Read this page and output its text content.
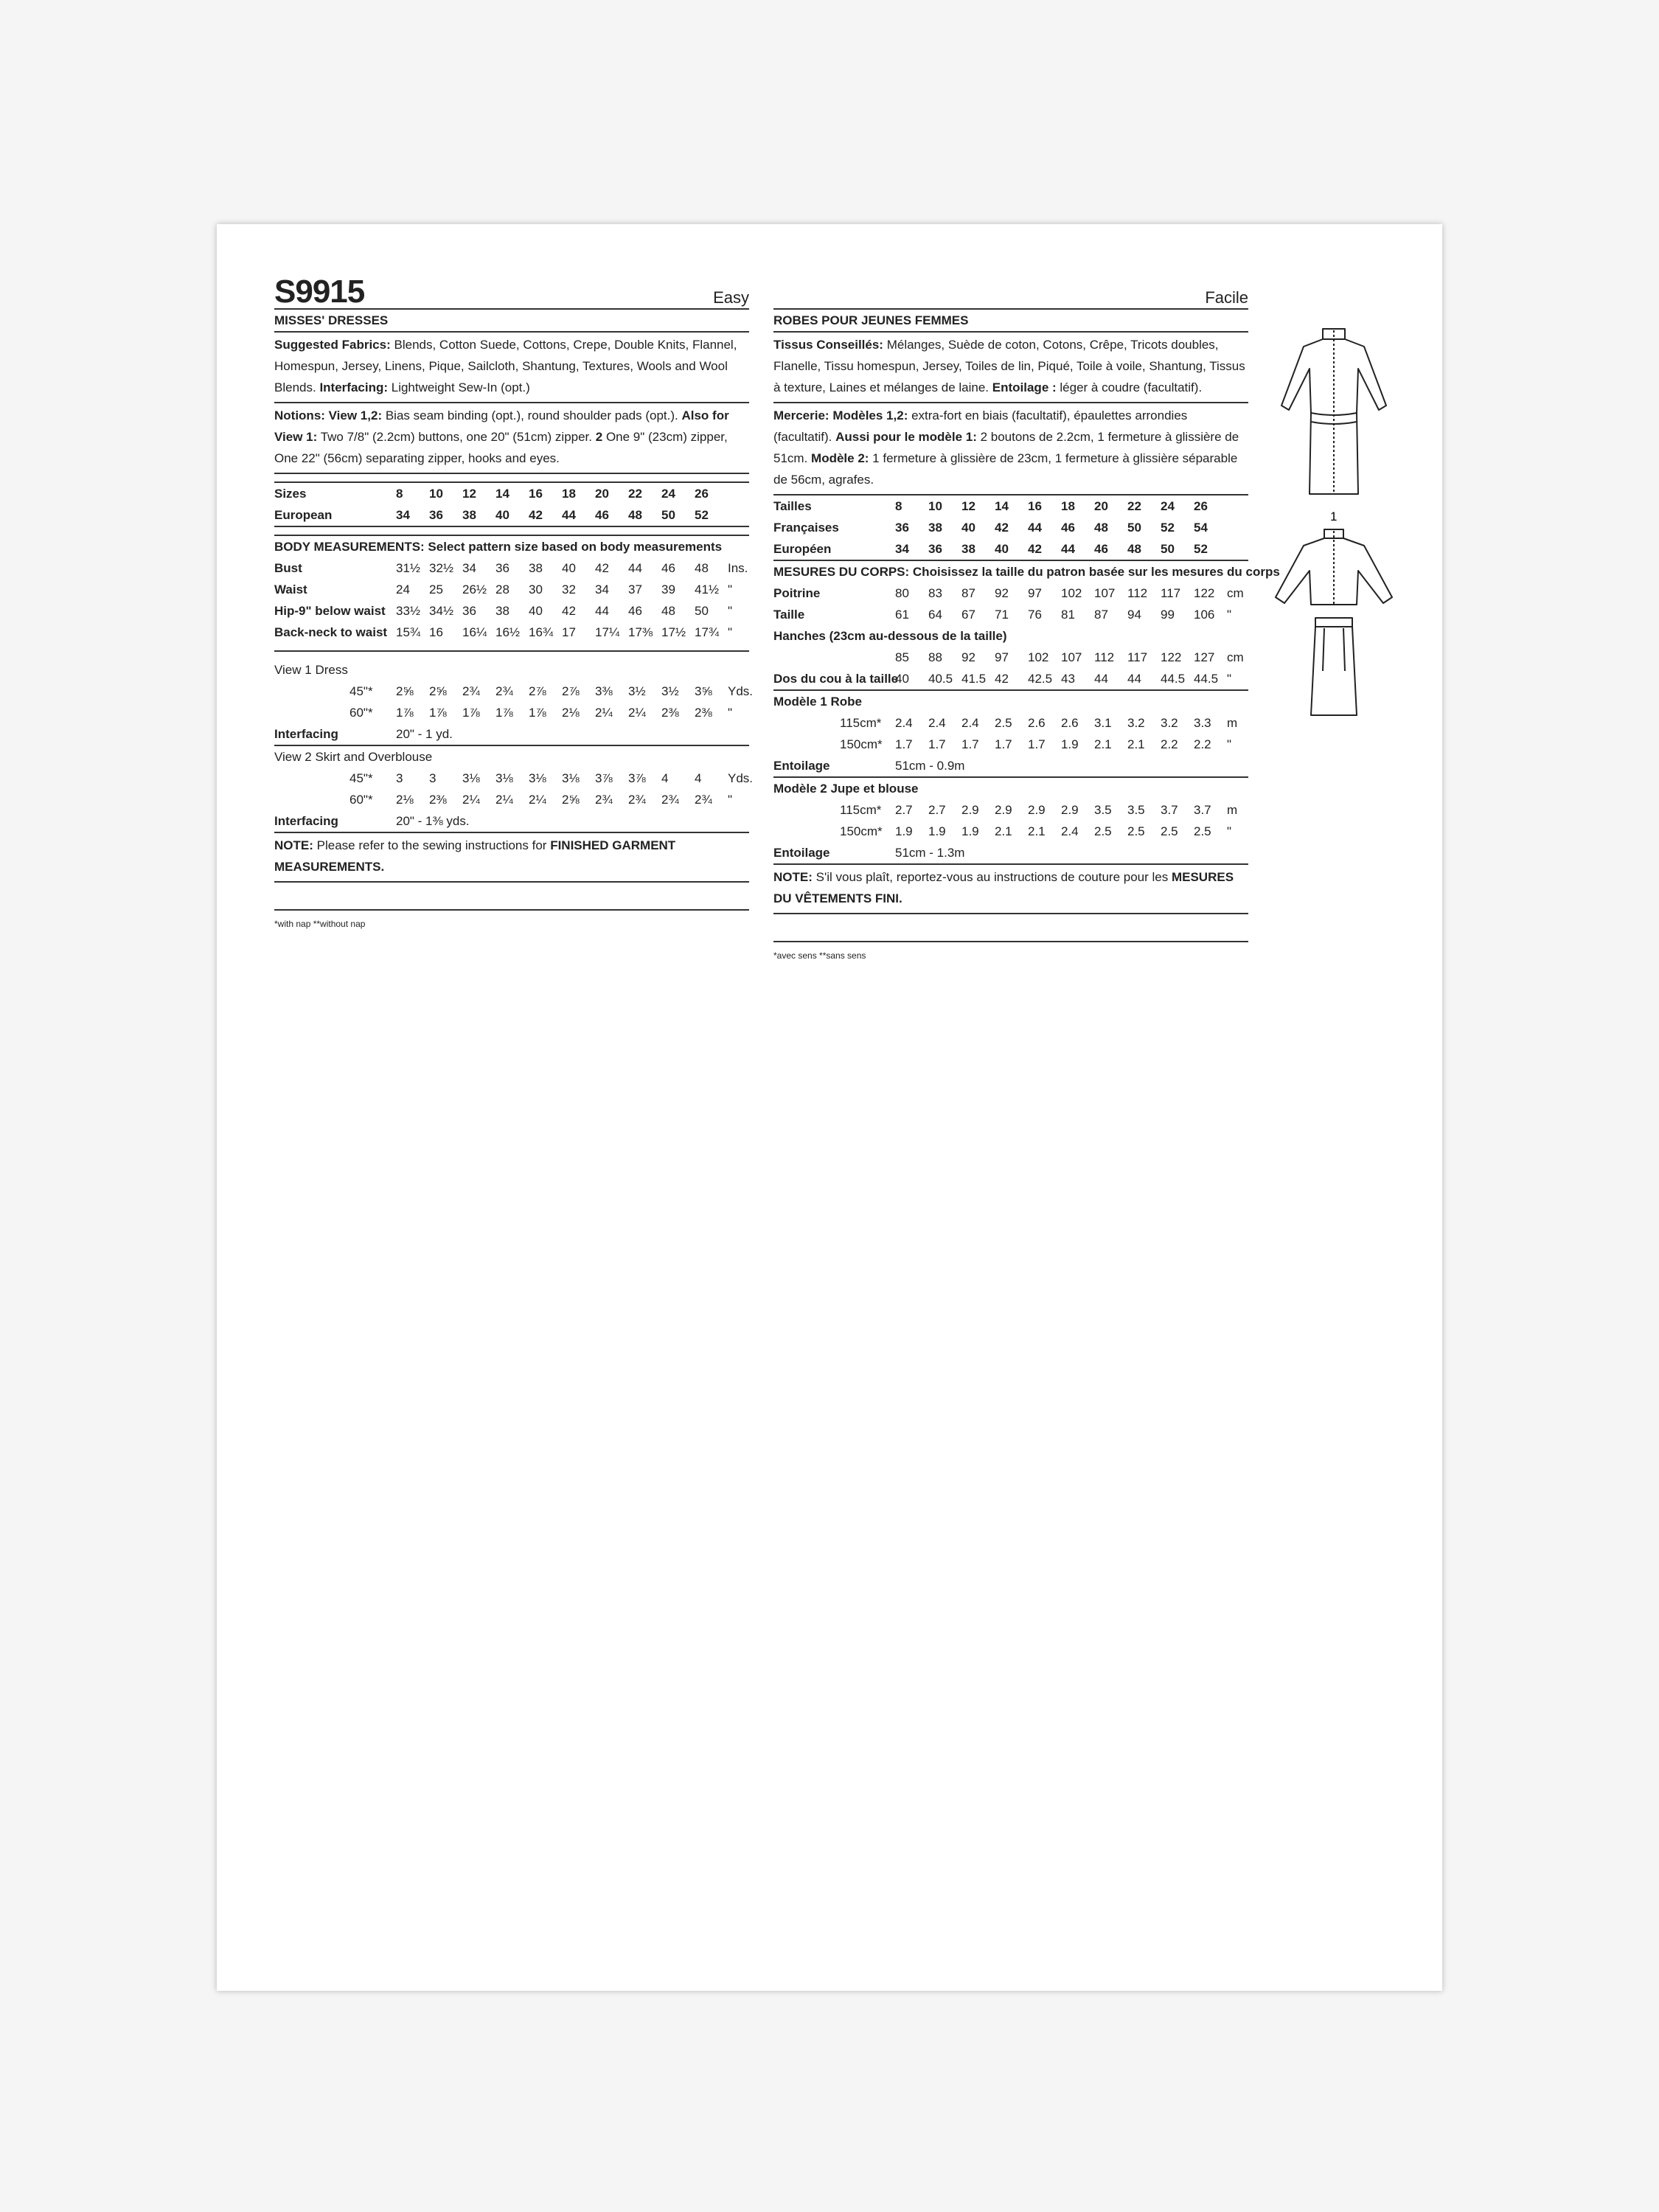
S9915	Easy
MISSES' DRESSES
Suggested Fabrics: Blends, Cotton Suede, Cottons, Crepe, Double Knits, Flannel, Homespun, Jersey, Linens, Pique, Sailcloth, Shantung, Textures, Wools and Wool Blends. Interfacing: Lightweight Sew-In (opt.)
Notions: View 1,2: Bias seam binding (opt.), round shoulder pads (opt.). Also for View 1: Two 7/8" (2.2cm) buttons, one 20" (51cm) zipper. 2 One 9" (23cm) zipper, One 22" (56cm) separating zipper, hooks and eyes.
Sizes	8	10	12	14	16	18	20	22	24	26	
European	34	36	38	40	42	44	46	48	50	52	

BODY MEASUREMENTS: Select pattern size based on body measurements											
Bust	31½	32½	34	36	38	40	42	44	46	48	Ins.
Waist	24	25	26½	28	30	32	34	37	39	41½	"
Hip-9" below waist	33½	34½	36	38	40	42	44	46	48	50	"
Back-neck to waist	15¾	16	16¼	16½	16¾	17	17¼	17⅜	17½	17¾	"

View 1 Dress											
45"*	2⅝	2⅝	2¾	2¾	2⅞	2⅞	3⅜	3½	3½	3⅝	Yds.
60"*	1⅞	1⅞	1⅞	1⅞	1⅞	2⅛	2¼	2¼	2⅜	2⅜	"
Interfacing	20" - 1 yd.										
View 2 Skirt and Overblouse											
45"*	3	3	3⅛	3⅛	3⅛	3⅛	3⅞	3⅞	4	4	Yds.
60"*	2⅛	2⅜	2¼	2¼	2¼	2⅝	2¾	2¾	2¾	2¾	"
Interfacing	20" - 1⅜ yds.										
NOTE: Please refer to the sewing instructions for FINISHED GARMENT MEASUREMENTS.
*with nap **without nap
Facile
ROBES POUR JEUNES FEMMES
Tissus Conseillés: Mélanges, Suède de coton, Cotons, Crêpe, Tricots doubles, Flanelle, Tissu homespun, Jersey, Toiles de lin, Piqué, Toile à voile, Shantung, Tissus à texture, Laines et mélanges de laine. Entoilage : léger à coudre (facultatif).
Mercerie: Modèles 1,2: extra-fort en biais (facultatif), épaulettes arrondies (facultatif). Aussi pour le modèle 1: 2 boutons de 2.2cm, 1 fermeture à glissière de 51cm. Modèle 2: 1 fermeture à glissière de 23cm, 1 fermeture à glissière séparable de 56cm, agrafes.
Tailles	8	10	12	14	16	18	20	22	24	26	
Françaises	36	38	40	42	44	46	48	50	52	54	
Européen	34	36	38	40	42	44	46	48	50	52	
MESURES DU CORPS: Choisissez la taille du patron basée sur les mesures du corps											
Poitrine	80	83	87	92	97	102	107	112	117	122	cm
Taille	61	64	67	71	76	81	87	94	99	106	"
Hanches (23cm au-dessous de la taille)											
	85	88	92	97	102	107	112	117	122	127	cm
Dos du cou à la taille	40	40.5	41.5	42	42.5	43	44	44	44.5	44.5	"
Modèle 1 Robe											
115cm*	2.4	2.4	2.4	2.5	2.6	2.6	3.1	3.2	3.2	3.3	m
150cm*	1.7	1.7	1.7	1.7	1.7	1.9	2.1	2.1	2.2	2.2	"
Entoilage	51cm - 0.9m										
Modèle 2 Jupe et blouse											
115cm*	2.7	2.7	2.9	2.9	2.9	2.9	3.5	3.5	3.7	3.7	m
150cm*	1.9	1.9	1.9	2.1	2.1	2.4	2.5	2.5	2.5	2.5	"
Entoilage	51cm - 1.3m										
NOTE: S'il vous plaît, reportez-vous au instructions de couture pour les MESURES DU VÊTEMENTS FINI.
*avec sens **sans sens
1
